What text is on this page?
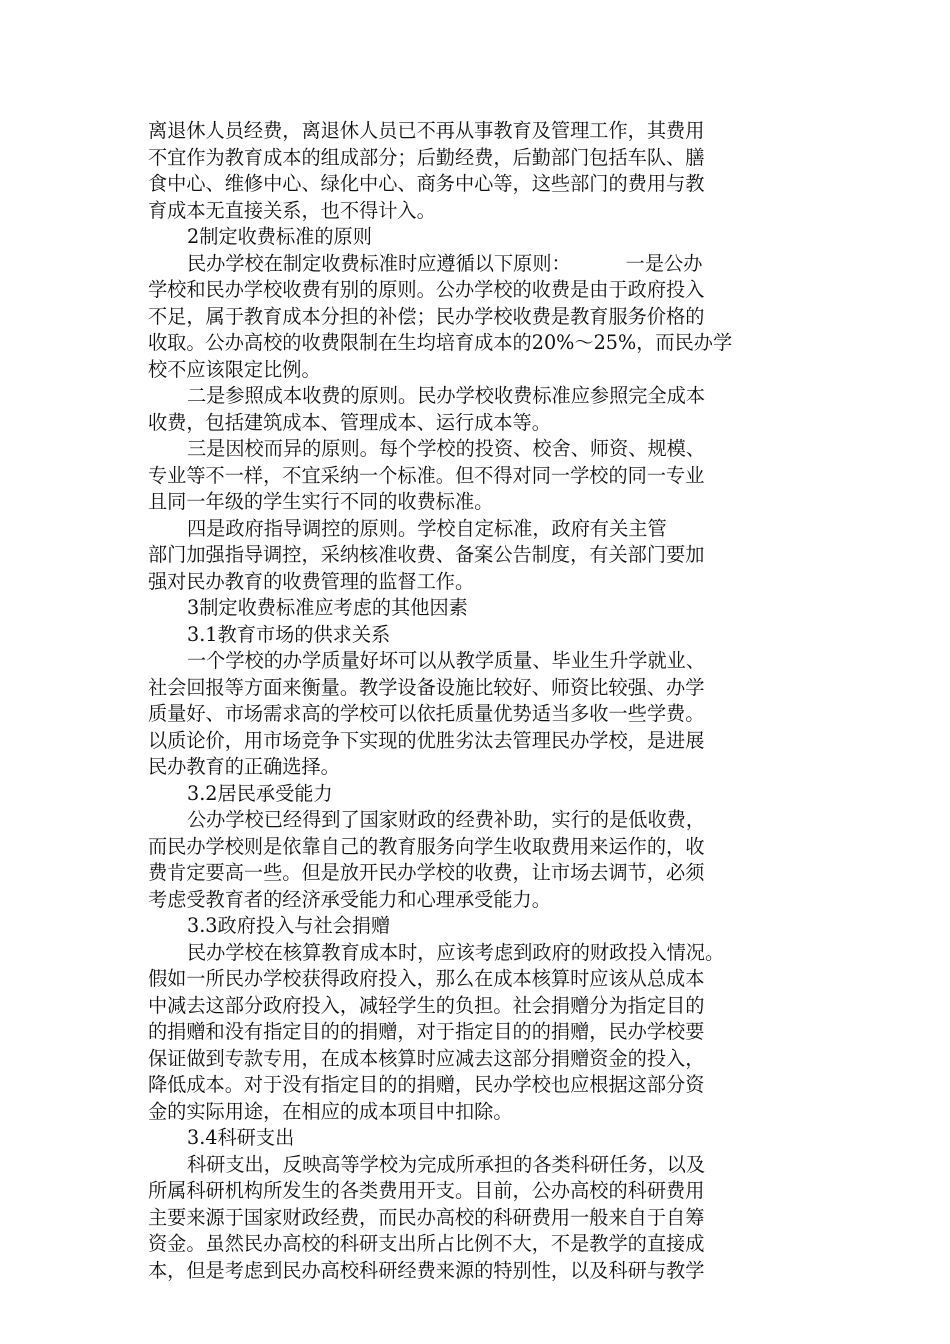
离退休人员经费，离退休人员已不再从事教育及管理工作，其费用
不宜作为教育成本的组成部分；后勤经费，后勤部门包括车队、膳
食中心、维修中心、绿化中心、商务中心等，这些部门的费用与教
育成本无直接关系，也不得计入。
2制定收费标准的原则
民办学校在制定收费标准时应遵循以下原则：         一是公办
学校和民办学校收费有别的原则。公办学校的收费是由于政府投入
不足，属于教育成本分担的补偿；民办学校收费是教育服务价格的
收取。公办高校的收费限制在生均培育成本的20%～25%，而民办学
校不应该限定比例。
二是参照成本收费的原则。民办学校收费标准应参照完全成本
收费，包括建筑成本、管理成本、运行成本等。
三是因校而异的原则。每个学校的投资、校舍、师资、规模、
专业等不一样，不宜采纳一个标准。但不得对同一学校的同一专业
且同一年级的学生实行不同的收费标准。
四是政府指导调控的原则。学校自定标准，政府有关主管
部门加强指导调控，采纳核准收费、备案公告制度，有关部门要加
强对民办教育的收费管理的监督工作。
3制定收费标准应考虑的其他因素
3.1教育市场的供求关系
一个学校的办学质量好坏可以从教学质量、毕业生升学就业、
社会回报等方面来衡量。教学设备设施比较好、师资比较强、办学
质量好、市场需求高的学校可以依托质量优势适当多收一些学费。
以质论价，用市场竞争下实现的优胜劣汰去管理民办学校，是进展
民办教育的正确选择。
3.2居民承受能力
公办学校已经得到了国家财政的经费补助，实行的是低收费，
而民办学校则是依靠自己的教育服务向学生收取费用来运作的，收
费肯定要高一些。但是放开民办学校的收费，让市场去调节，必须
考虑受教育者的经济承受能力和心理承受能力。
3.3政府投入与社会捐赠
民办学校在核算教育成本时，应该考虑到政府的财政投入情况。
假如一所民办学校获得政府投入，那么在成本核算时应该从总成本
中减去这部分政府投入，减轻学生的负担。社会捐赠分为指定目的
的捐赠和没有指定目的的捐赠，对于指定目的的捐赠，民办学校要
保证做到专款专用，在成本核算时应减去这部分捐赠资金的投入，
降低成本。对于没有指定目的的捐赠，民办学校也应根据这部分资
金的实际用途，在相应的成本项目中扣除。
3.4科研支出
科研支出，反映高等学校为完成所承担的各类科研任务，以及
所属科研机构所发生的各类费用开支。目前，公办高校的科研费用
主要来源于国家财政经费，而民办高校的科研费用一般来自于自筹
资金。虽然民办高校的科研支出所占比例不大，不是教学的直接成
本，但是考虑到民办高校科研经费来源的特别性，以及科研与教学
